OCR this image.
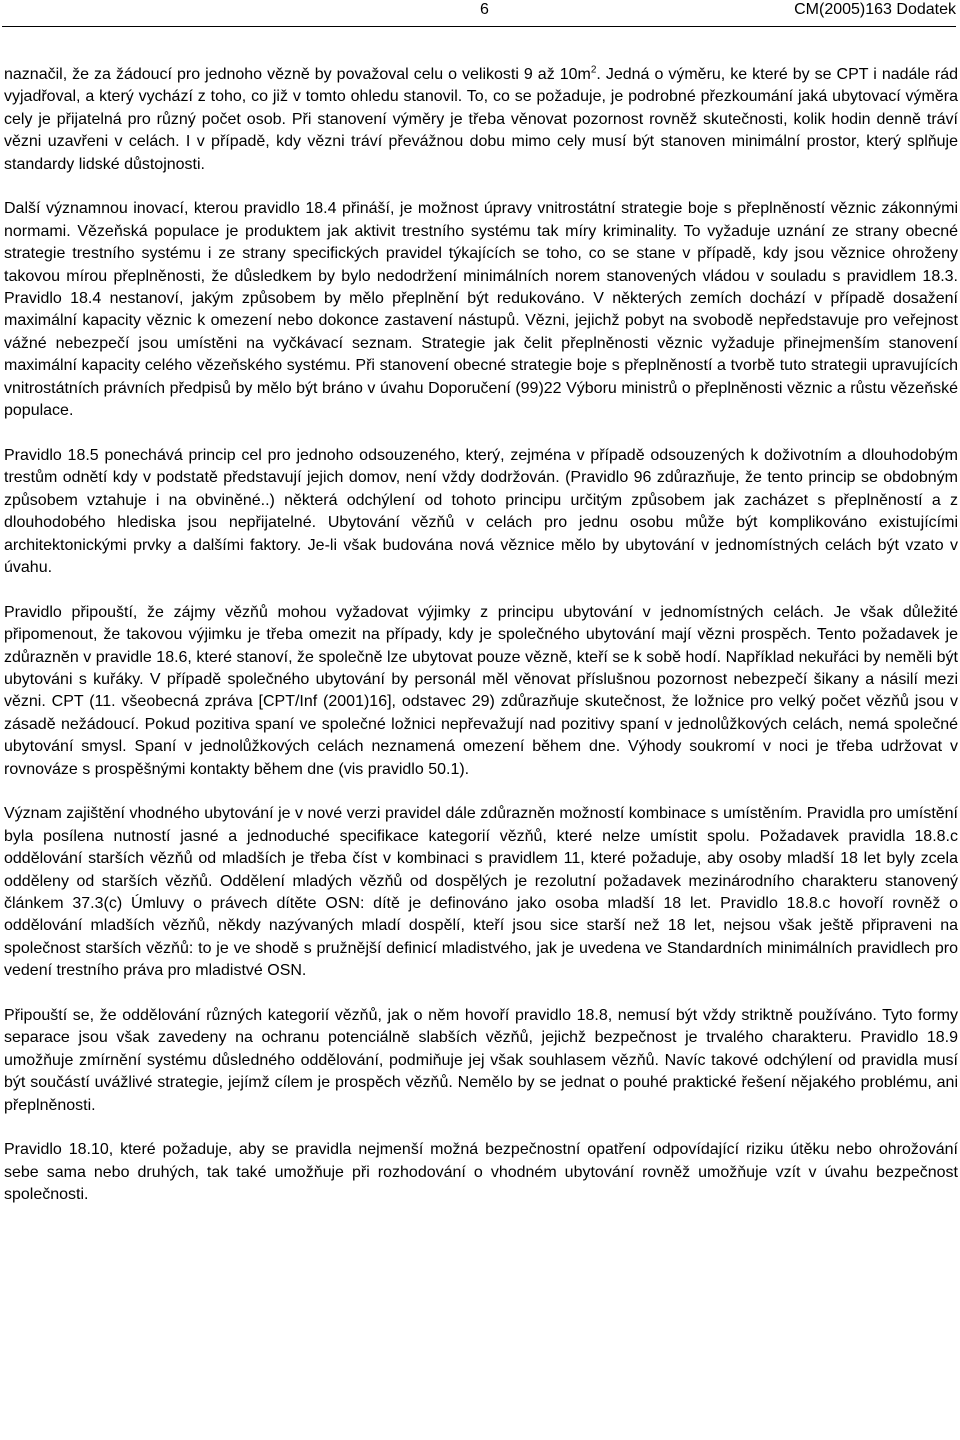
6	CM(2005)163 Dodatek

naznačil, že za žádoucí pro jednoho vězně by považoval celu o velikosti 9 až $10m^2$. Jedná o výměru, ke které by se CPT i nadále rád vyjadřoval, a který vychází z toho, co již v tomto ohledu stanovil. To, co se požaduje, je podrobné přezkoumání jaká ubytovací výměra cely je přijatelná pro různý počet osob. Při stanovení výměry je třeba věnovat pozornost rovněž skutečnosti, kolik hodin denně tráví vězni uzavřeni v celách. I v případě, kdy vězni tráví převážnou dobu mimo cely musí být stanoven minimální prostor, který splňuje standardy lidské důstojnosti.

Další významnou inovací, kterou pravidlo 18.4 přináší, je možnost úpravy vnitrostátní strategie boje s přeplněností věznic zákonnými normami. Vězeňská populace je produktem jak aktivit trestního systému tak míry kriminality. To vyžaduje uznání ze strany obecné strategie trestního systému i ze strany specifických pravidel týkajících se toho, co se stane v případě, kdy jsou věznice ohroženy takovou mírou přeplněnosti, že důsledkem by bylo nedodržení minimálních norem stanovených vládou v souladu s pravidlem 18.3. Pravidlo 18.4 nestanoví, jakým způsobem by mělo přeplnění být redukováno. V některých zemích dochází v případě dosažení maximální kapacity věznic k omezení nebo dokonce zastavení nástupů. Vězni, jejichž pobyt na svobodě nepředstavuje pro veřejnost vážné nebezpečí jsou umístěni na vyčkávací seznam. Strategie jak čelit přeplněnosti věznic vyžaduje přinejmenším stanovení maximální kapacity celého vězeňského systému. Při stanovení obecné strategie boje s přeplněností a tvorbě tuto strategii upravujících vnitrostátních právních předpisů by mělo být bráno v úvahu Doporučení (99)22 Výboru ministrů o přeplněnosti věznic a růstu vězeňské populace.

Pravidlo 18.5 ponechává princip cel pro jednoho odsouzeného, který, zejména v případě odsouzených k doživotním a dlouhodobým trestům odnětí kdy v podstatě představují jejich domov, není vždy dodržován. (Pravidlo 96 zdůrazňuje, že tento princip se obdobným způsobem vztahuje i na obviněné..) některá odchýlení od tohoto principu určitým způsobem jak zacházet s přeplněností a z dlouhodobého hlediska jsou nepřijatelné. Ubytování vězňů v celách pro jednu osobu může být komplikováno existujícími architektonickými prvky a dalšími faktory. Je-li však budována nová věznice mělo by ubytování v jednomístných celách být vzato v úvahu.

Pravidlo připouští, že zájmy vězňů mohou vyžadovat výjimky z principu ubytování v jednomístných celách. Je však důležité připomenout, že takovou výjimku je třeba omezit na případy, kdy je společného ubytování mají vězni prospěch. Tento požadavek je zdůrazněn v pravidle 18.6, které stanoví, že společně lze ubytovat pouze vězně, kteří se k sobě hodí. Například nekuřáci by neměli být ubytováni s kuřáky. V případě společného ubytování by personál měl věnovat příslušnou pozornost nebezpečí šikany a násilí mezi vězni. CPT (11. všeobecná zpráva [CPT/Inf (2001)16], odstavec 29) zdůrazňuje skutečnost, že ložnice pro velký počet vězňů jsou v zásadě nežádoucí. Pokud pozitiva spaní ve společné ložnici nepřevažují nad pozitivy spaní v jednolůžkových celách, nemá společné ubytování smysl. Spaní v jednolůžkových celách neznamená omezení během dne. Výhody soukromí v noci je třeba udržovat v rovnováze s prospěšnými kontakty během dne (vis pravidlo 50.1).

Význam zajištění vhodného ubytování je v nové verzi pravidel dále zdůrazněn možností kombinace s umístěním. Pravidla pro umístění byla posílena nutností jasné a jednoduché specifikace kategorií vězňů, které nelze umístit spolu. Požadavek pravidla 18.8.c oddělování starších vězňů od mladších je třeba číst v kombinaci s pravidlem 11, které požaduje, aby osoby mladší 18 let byly zcela odděleny od starších vězňů. Oddělení mladých vězňů od dospělých je rezolutní požadavek mezinárodního charakteru stanovený článkem 37.3(c) Úmluvy o právech dítěte OSN: dítě je definováno jako osoba mladší 18 let. Pravidlo 18.8.c hovoří rovněž o oddělování mladších vězňů, někdy nazývaných mladí dospělí, kteří jsou sice starší než 18 let, nejsou však ještě připraveni na společnost starších vězňů: to je ve shodě s pružnější definicí mladistvého, jak je uvedena ve Standardních minimálních pravidlech pro vedení trestního práva pro mladistvé OSN.

Připouští se, že oddělování různých kategorií vězňů, jak o něm hovoří pravidlo 18.8, nemusí být vždy striktně používáno. Tyto formy separace jsou však zavedeny na ochranu potenciálně slabších vězňů, jejichž bezpečnost je trvalého charakteru. Pravidlo 18.9 umožňuje zmírnění systému důsledného oddělování, podmiňuje jej však souhlasem vězňů. Navíc takové odchýlení od pravidla musí být součástí uvážlivé strategie, jejímž cílem je prospěch vězňů. Nemělo by se jednat o pouhé praktické řešení nějakého problému, ani přeplněnosti.

Pravidlo 18.10, které požaduje, aby se pravidla nejmenší možná bezpečnostní opatření odpovídající riziku útěku nebo ohrožování sebe sama nebo druhých, tak také umožňuje při rozhodování o vhodném ubytování rovněž umožňuje vzít v úvahu bezpečnost společnosti.
